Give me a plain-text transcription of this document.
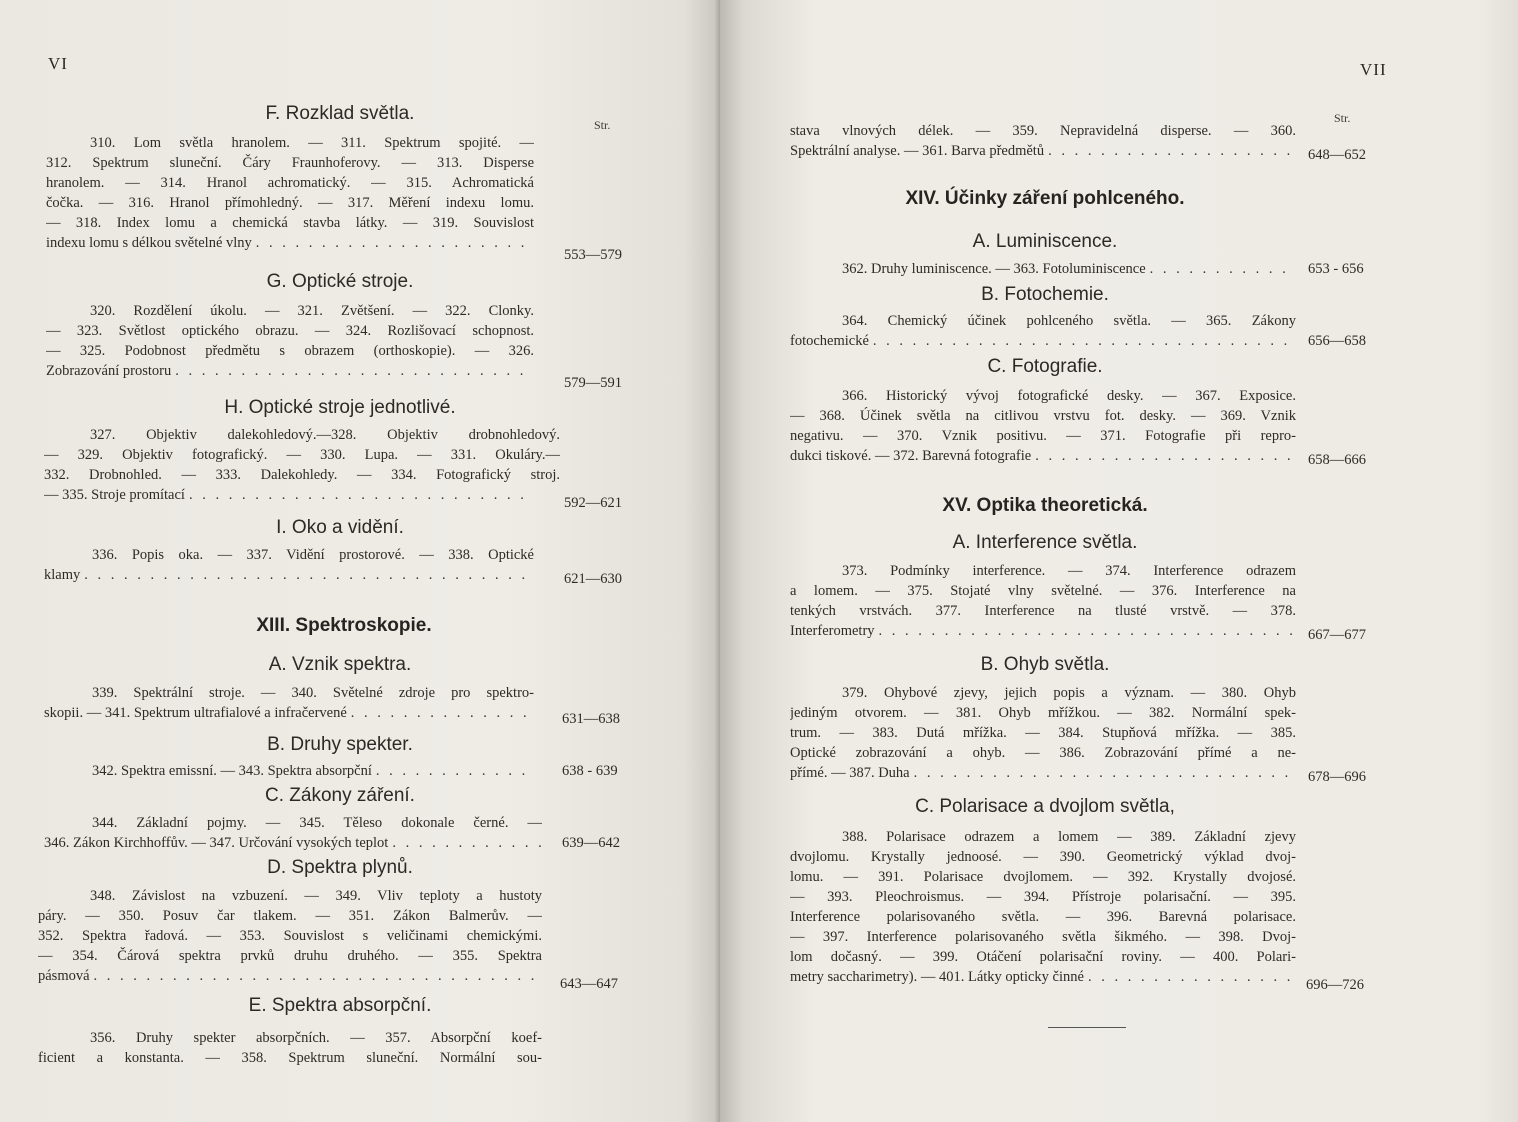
VI
Str.
F. Rozklad světla.
310. Lom světla hranolem. — 311. Spektrum spojité. —
312. Spektrum sluneční. Čáry Fraunhoferovy. — 313. Disperse
hranolem. — 314. Hranol achromatický. — 315. Achromatická
čočka. — 316. Hranol přímohledný. — 317. Měření indexu lomu.
— 318. Index lomu a chemická stavba látky. — 319. Souvislost
indexu lomu s délkou světelné vlny. . .
553—579
G. Optické stroje.
320. Rozdělení úkolu. — 321. Zvětšení. — 322. Clonky.
— 323. Světlost optického obrazu. — 324. Rozlišovací schopnost.
— 325. Podobnost předmětu s obrazem (orthoskopie). — 326.
Zobrazování prostoru. . .
579—591
H. Optické stroje jednotlivé.
327. Objektiv dalekohledový.—328. Objektiv drobnohledový.
— 329. Objektiv fotografický. — 330. Lupa. — 331. Okuláry.—
332. Drobnohled. — 333. Dalekohledy. — 334. Fotografický stroj.
— 335. Stroje promítací . . .	592—621
I. Oko a vidění.
336. Popis oka. — 337. Vidění prostorové. — 338. Optické
klamy . . .	621—630
XIII. Spektroskopie.
A. Vznik spektra.
339. Spektrální stroje. — 340. Světelné zdroje pro spektro-
skopii. — 341. Spektrum ultrafialové a infračervené . . .	631—638
B. Druhy spekter.
342. Spektra emissní. — 343. Spektra absorpční . . .	638 - 639
C. Zákony záření.
344. Základní pojmy. — 345. Těleso dokonale černé. —
346. Zákon Kirchhoffův. — 347. Určování vysokých teplot . . .	639—642
D. Spektra plynů.
348. Závislost na vzbuzení. — 349. Vliv teploty a hustoty
páry. — 350. Posuv čar tlakem. — 351. Zákon Balmerův. —
352. Spektra řadová. — 353. Souvislost s veličinami chemickými.
— 354. Čárová spektra prvků druhu druhého. — 355. Spektra
pásmová . . .	643—647
E. Spektra absorpční.
356. Druhy spekter absorpčních. — 357. Absorpční koef-
ficient a konstanta. — 358. Spektrum sluneční. Normální sou-
VII
Str.
stava vlnových délek. — 359. Nepravidelná disperse. — 360.
Spektrální analyse. — 361. Barva předmětů . . .	648—652
XIV. Účinky záření pohlceného.
A. Luminiscence.
362. Druhy luminiscence. — 363. Fotoluminiscence . . .	653 - 656
B. Fotochemie.
364. Chemický účinek pohlceného světla. — 365. Zákony
fotochemické . . .	656—658
C. Fotografie.
366. Historický vývoj fotografické desky. — 367. Exposice.
— 368. Účinek světla na citlivou vrstvu fot. desky. — 369. Vznik
negativu. — 370. Vznik positivu. — 371. Fotografie při repro-
dukci tiskové. — 372. Barevná fotografie . . .	658—666
XV. Optika theoretická.
A. Interference světla.
373. Podmínky interference. — 374. Interference odrazem
a lomem. — 375. Stojaté vlny světelné. — 376. Interference na
tenkých vrstvách. 377. Interference na tlusté vrstvě. — 378.
Interferometry . . .	667—677
B. Ohyb světla.
379. Ohybové zjevy, jejich popis a význam. — 380. Ohyb
jediným otvorem. — 381. Ohyb mřížkou. — 382. Normální spek-
trum. — 383. Dutá mřížka. — 384. Stupňová mřížka. — 385.
Optické zobrazování a ohyb. — 386. Zobrazování přímé a ne-
přímé. — 387. Duha . . .	678—696
C. Polarisace a dvojlom světla,
388. Polarisace odrazem a lomem — 389. Základní zjevy
dvojlomu. Krystally jednoosé. — 390. Geometrický výklad dvoj-
lomu. — 391. Polarisace dvojlomem. — 392. Krystally dvojosé.
— 393. Pleochroismus. — 394. Přístroje polarisační. — 395.
Interference polarisovaného světla. — 396. Barevná polarisace.
— 397. Interference polarisovaného světla šikmého. — 398. Dvoj-
lom dočasný. — 399. Otáčení polarisační roviny. — 400. Polari-
metry saccharimetry). — 401. Látky opticky činné . . .	696—726
